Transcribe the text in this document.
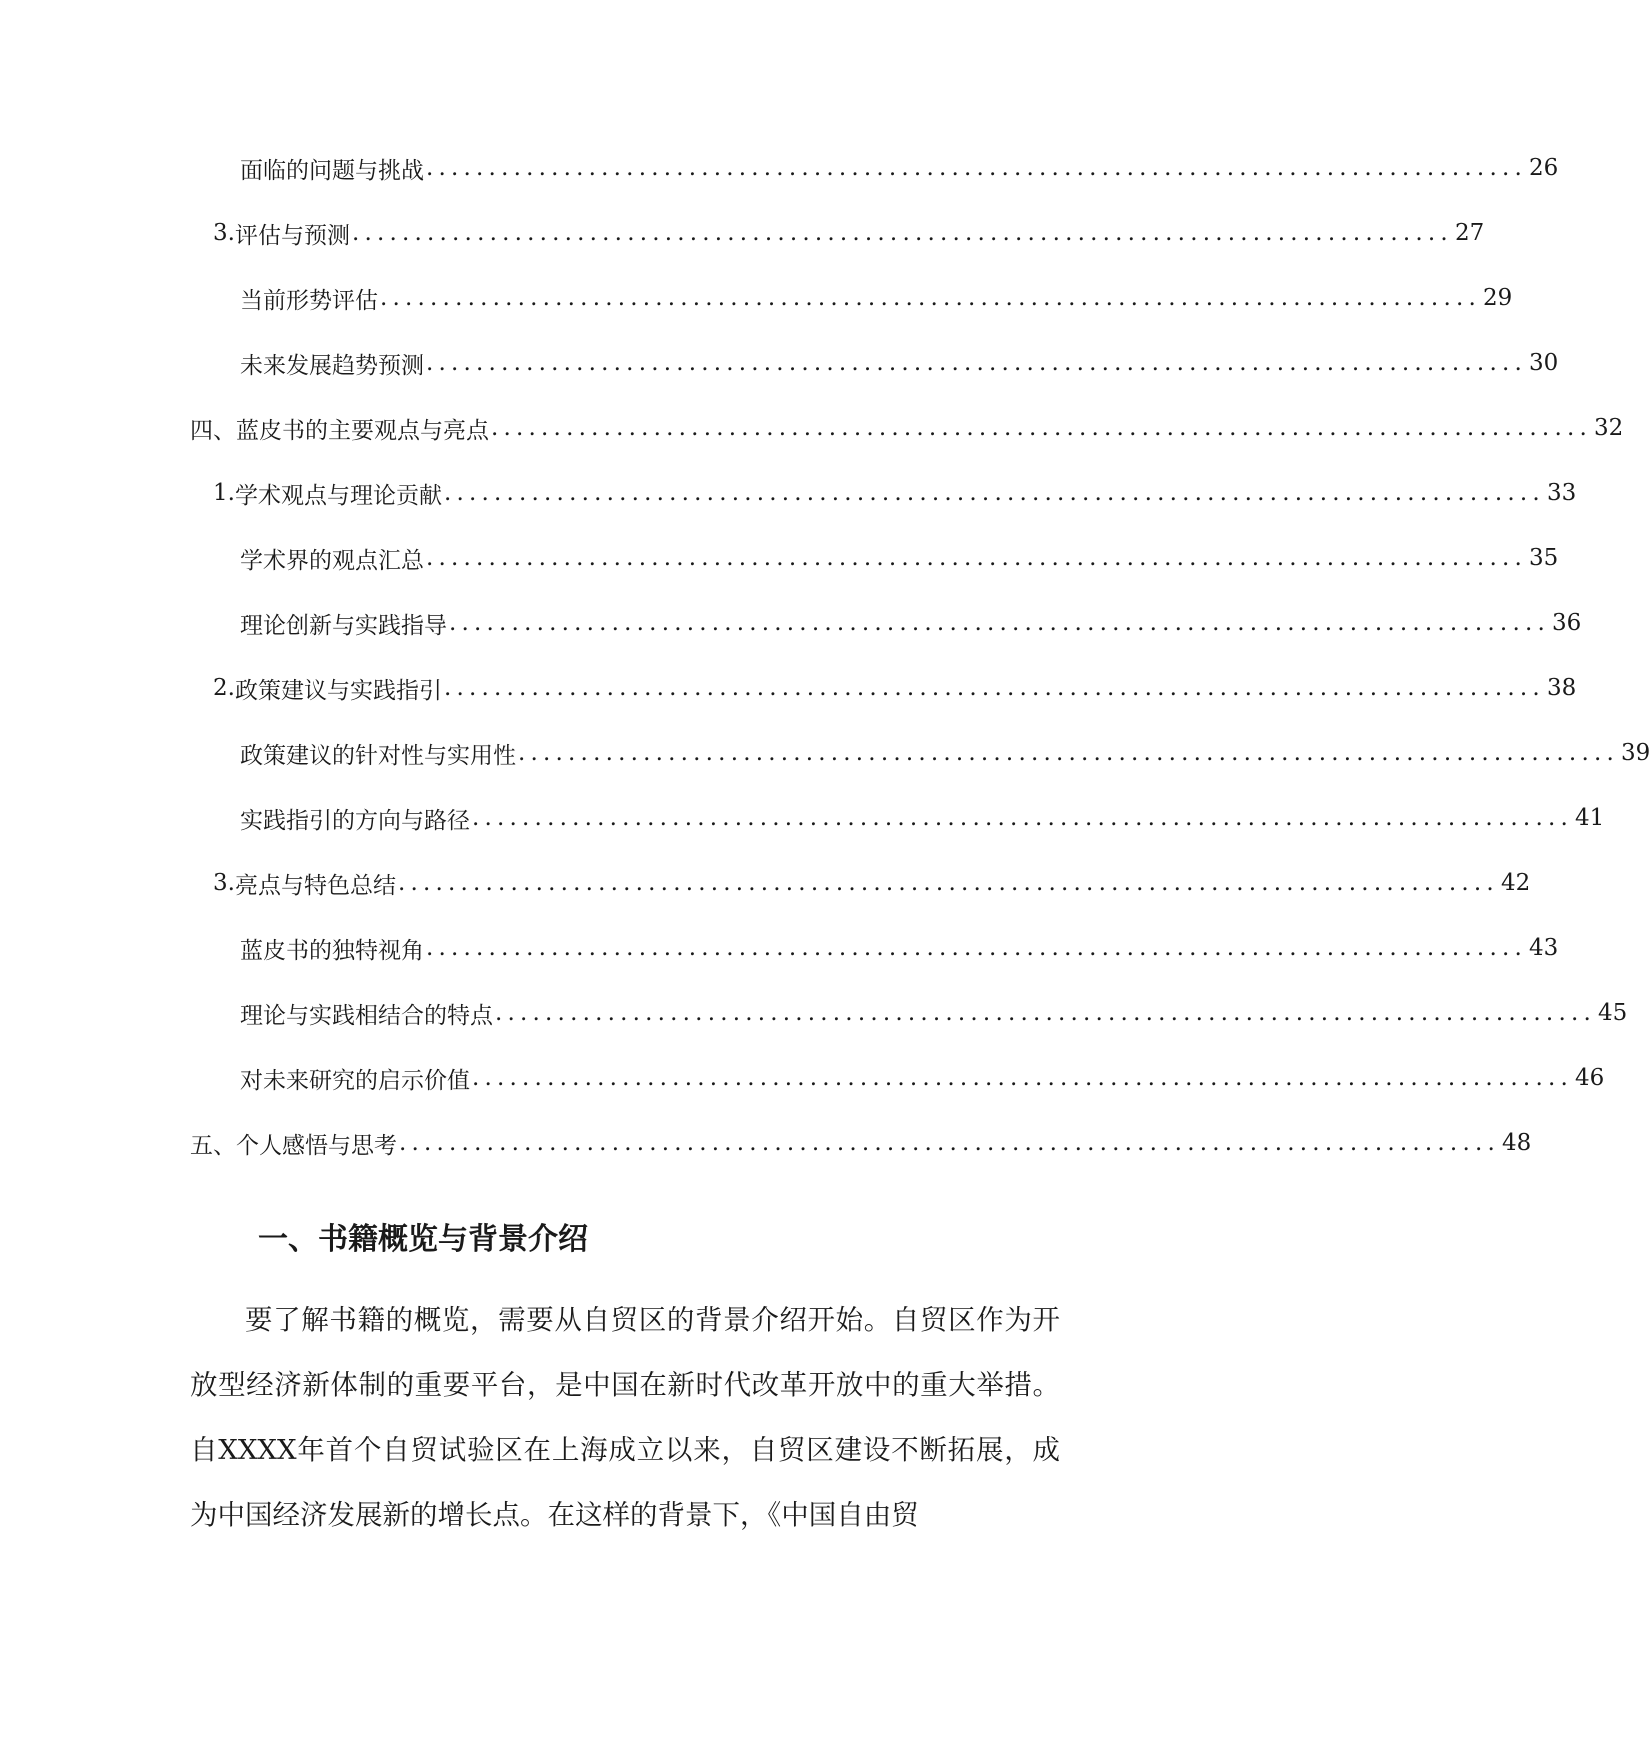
面临的问题与挑战 ........................................................................................ 26
3. 评估与预测 ........................................................................................ 27
当前形势评估 ........................................................................................ 29
未来发展趋势预测 ........................................................................................ 30
四、蓝皮书的主要观点与亮点 ........................................................................................ 32
1. 学术观点与理论贡献 ........................................................................................ 33
学术界的观点汇总 ........................................................................................ 35
理论创新与实践指导 ........................................................................................ 36
2. 政策建议与实践指引 ........................................................................................ 38
政策建议的针对性与实用性 ........................................................................................ 39
实践指引的方向与路径 ........................................................................................ 41
3. 亮点与特色总结 ........................................................................................ 42
蓝皮书的独特视角 ........................................................................................ 43
理论与实践相结合的特点 ........................................................................................ 45
对未来研究的启示价值 ........................................................................................ 46
五、个人感悟与思考 ........................................................................................ 48
一、书籍概览与背景介绍

要了解书籍的概览，需要从自贸区的背景介绍开始。自贸区作为开放型经济新体制的重要平台，是中国在新时代改革开放中的重大举措。自XXXX年首个自贸试验区在上海成立以来，自贸区建设不断拓展，成为中国经济发展新的增长点。在这样的背景下，《中国自由贸
